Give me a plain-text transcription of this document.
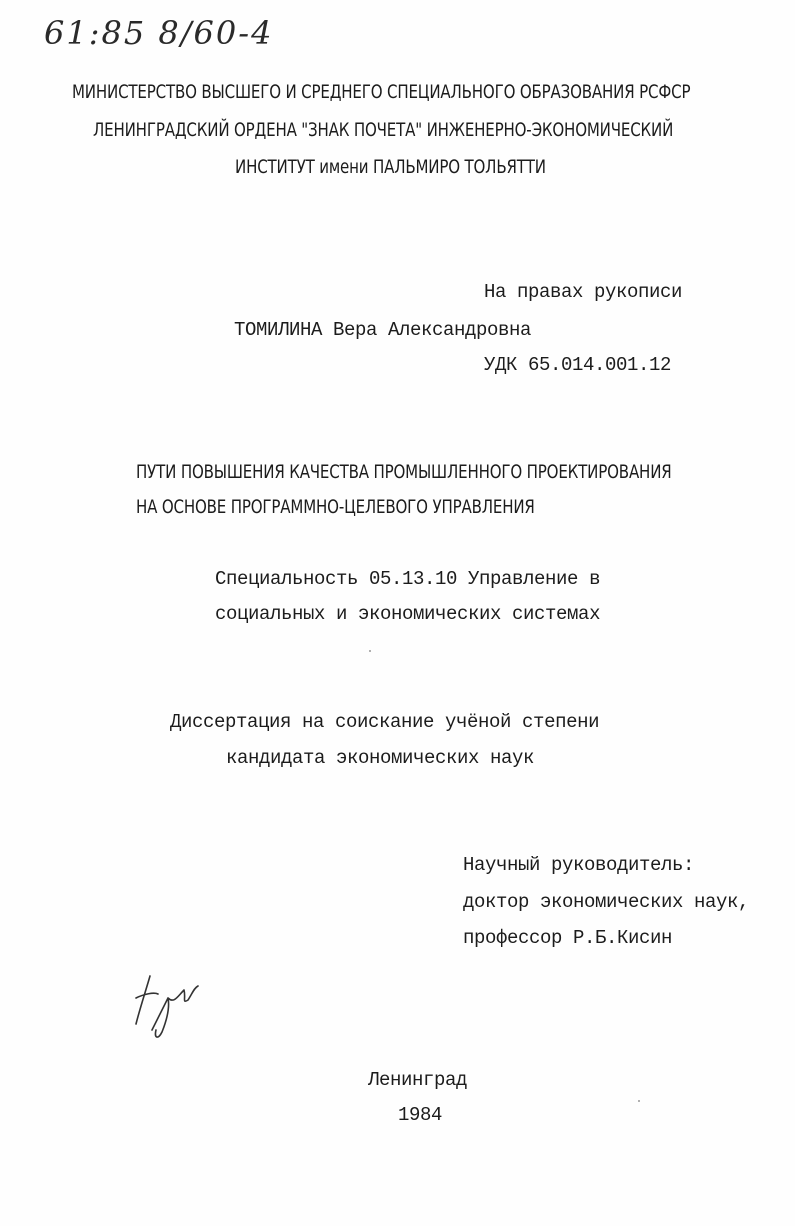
61:85 8/60-4
МИНИСТЕРСТВО ВЫСШЕГО И СРЕДНЕГО СПЕЦИАЛЬНОГО ОБРАЗОВАНИЯ РСФСР
ЛЕНИНГРАДСКИЙ ОРДЕНА "ЗНАК ПОЧЕТА" ИНЖЕНЕРНО-ЭКОНОМИЧЕСКИЙ
ИНСТИТУТ имени ПАЛЬМИРО ТОЛЬЯТТИ
На правах рукописи
ТОМИЛИНА Вера Александровна
УДК 65.014.001.12
ПУТИ ПОВЫШЕНИЯ КАЧЕСТВА ПРОМЫШЛЕННОГО ПРОЕКТИРОВАНИЯ
НА ОСНОВЕ ПРОГРАММНО-ЦЕЛЕВОГО УПРАВЛЕНИЯ
Специальность 05.13.10 Управление в
социальных и экономических системах
Диссертация на соискание учёной степени
кандидата экономических наук
Научный руководитель:
доктор экономических наук,
профессор Р.Б.Кисин
Ленинград
1984
